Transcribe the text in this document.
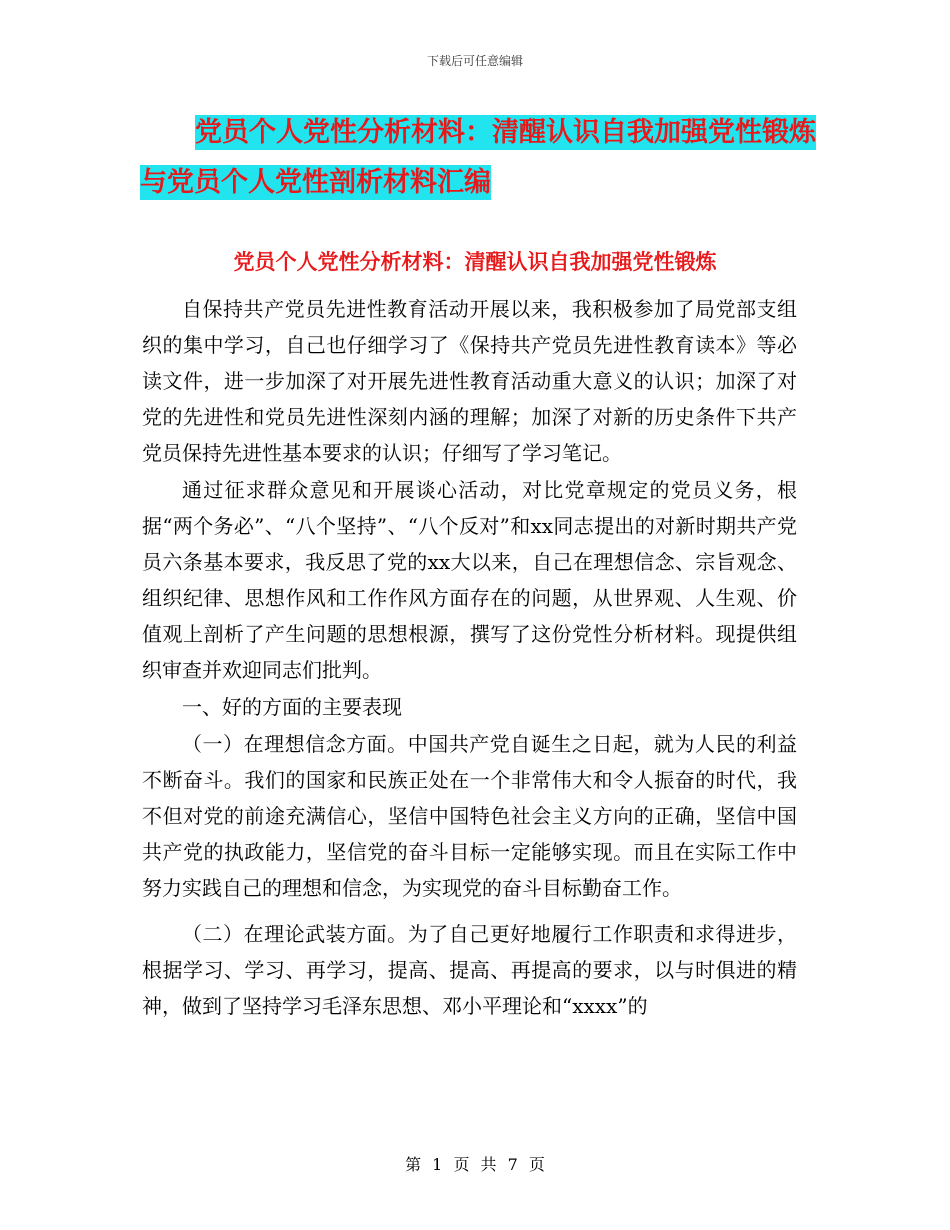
下载后可任意编辑
党员个人党性分析材料：清醒认识自我加强党性锻炼
与党员个人党性剖析材料汇编
党员个人党性分析材料：清醒认识自我加强党性锻炼

自保持共产党员先进性教育活动开展以来，我积极参加了局党部支组织的集中学习，自己也仔细学习了《保持共产党员先进性教育读本》等必读文件，进一步加深了对开展先进性教育活动重大意义的认识；加深了对党的先进性和党员先进性深刻内涵的理解；加深了对新的历史条件下共产党员保持先进性基本要求的认识；仔细写了学习笔记。

通过征求群众意见和开展谈心活动，对比党章规定的党员义务，根据“两个务必”、“八个坚持”、“八个反对”和xx同志提出的对新时期共产党员六条基本要求，我反思了党的xx大以来，自己在理想信念、宗旨观念、组织纪律、思想作风和工作作风方面存在的问题，从世界观、人生观、价值观上剖析了产生问题的思想根源，撰写了这份党性分析材料。现提供组织审查并欢迎同志们批判。

一、好的方面的主要表现

（一）在理想信念方面。中国共产党自诞生之日起，就为人民的利益不断奋斗。我们的国家和民族正处在一个非常伟大和令人振奋的时代，我不但对党的前途充满信心，坚信中国特色社会主义方向的正确，坚信中国共产党的执政能力，坚信党的奋斗目标一定能够实现。而且在实际工作中努力实践自己的理想和信念，为实现党的奋斗目标勤奋工作。

（二）在理论武装方面。为了自己更好地履行工作职责和求得进步，根据学习、学习、再学习，提高、提高、再提高的要求，以与时俱进的精神，做到了坚持学习毛泽东思想、邓小平理论和“xxxx”的

第 1 页 共 7 页
